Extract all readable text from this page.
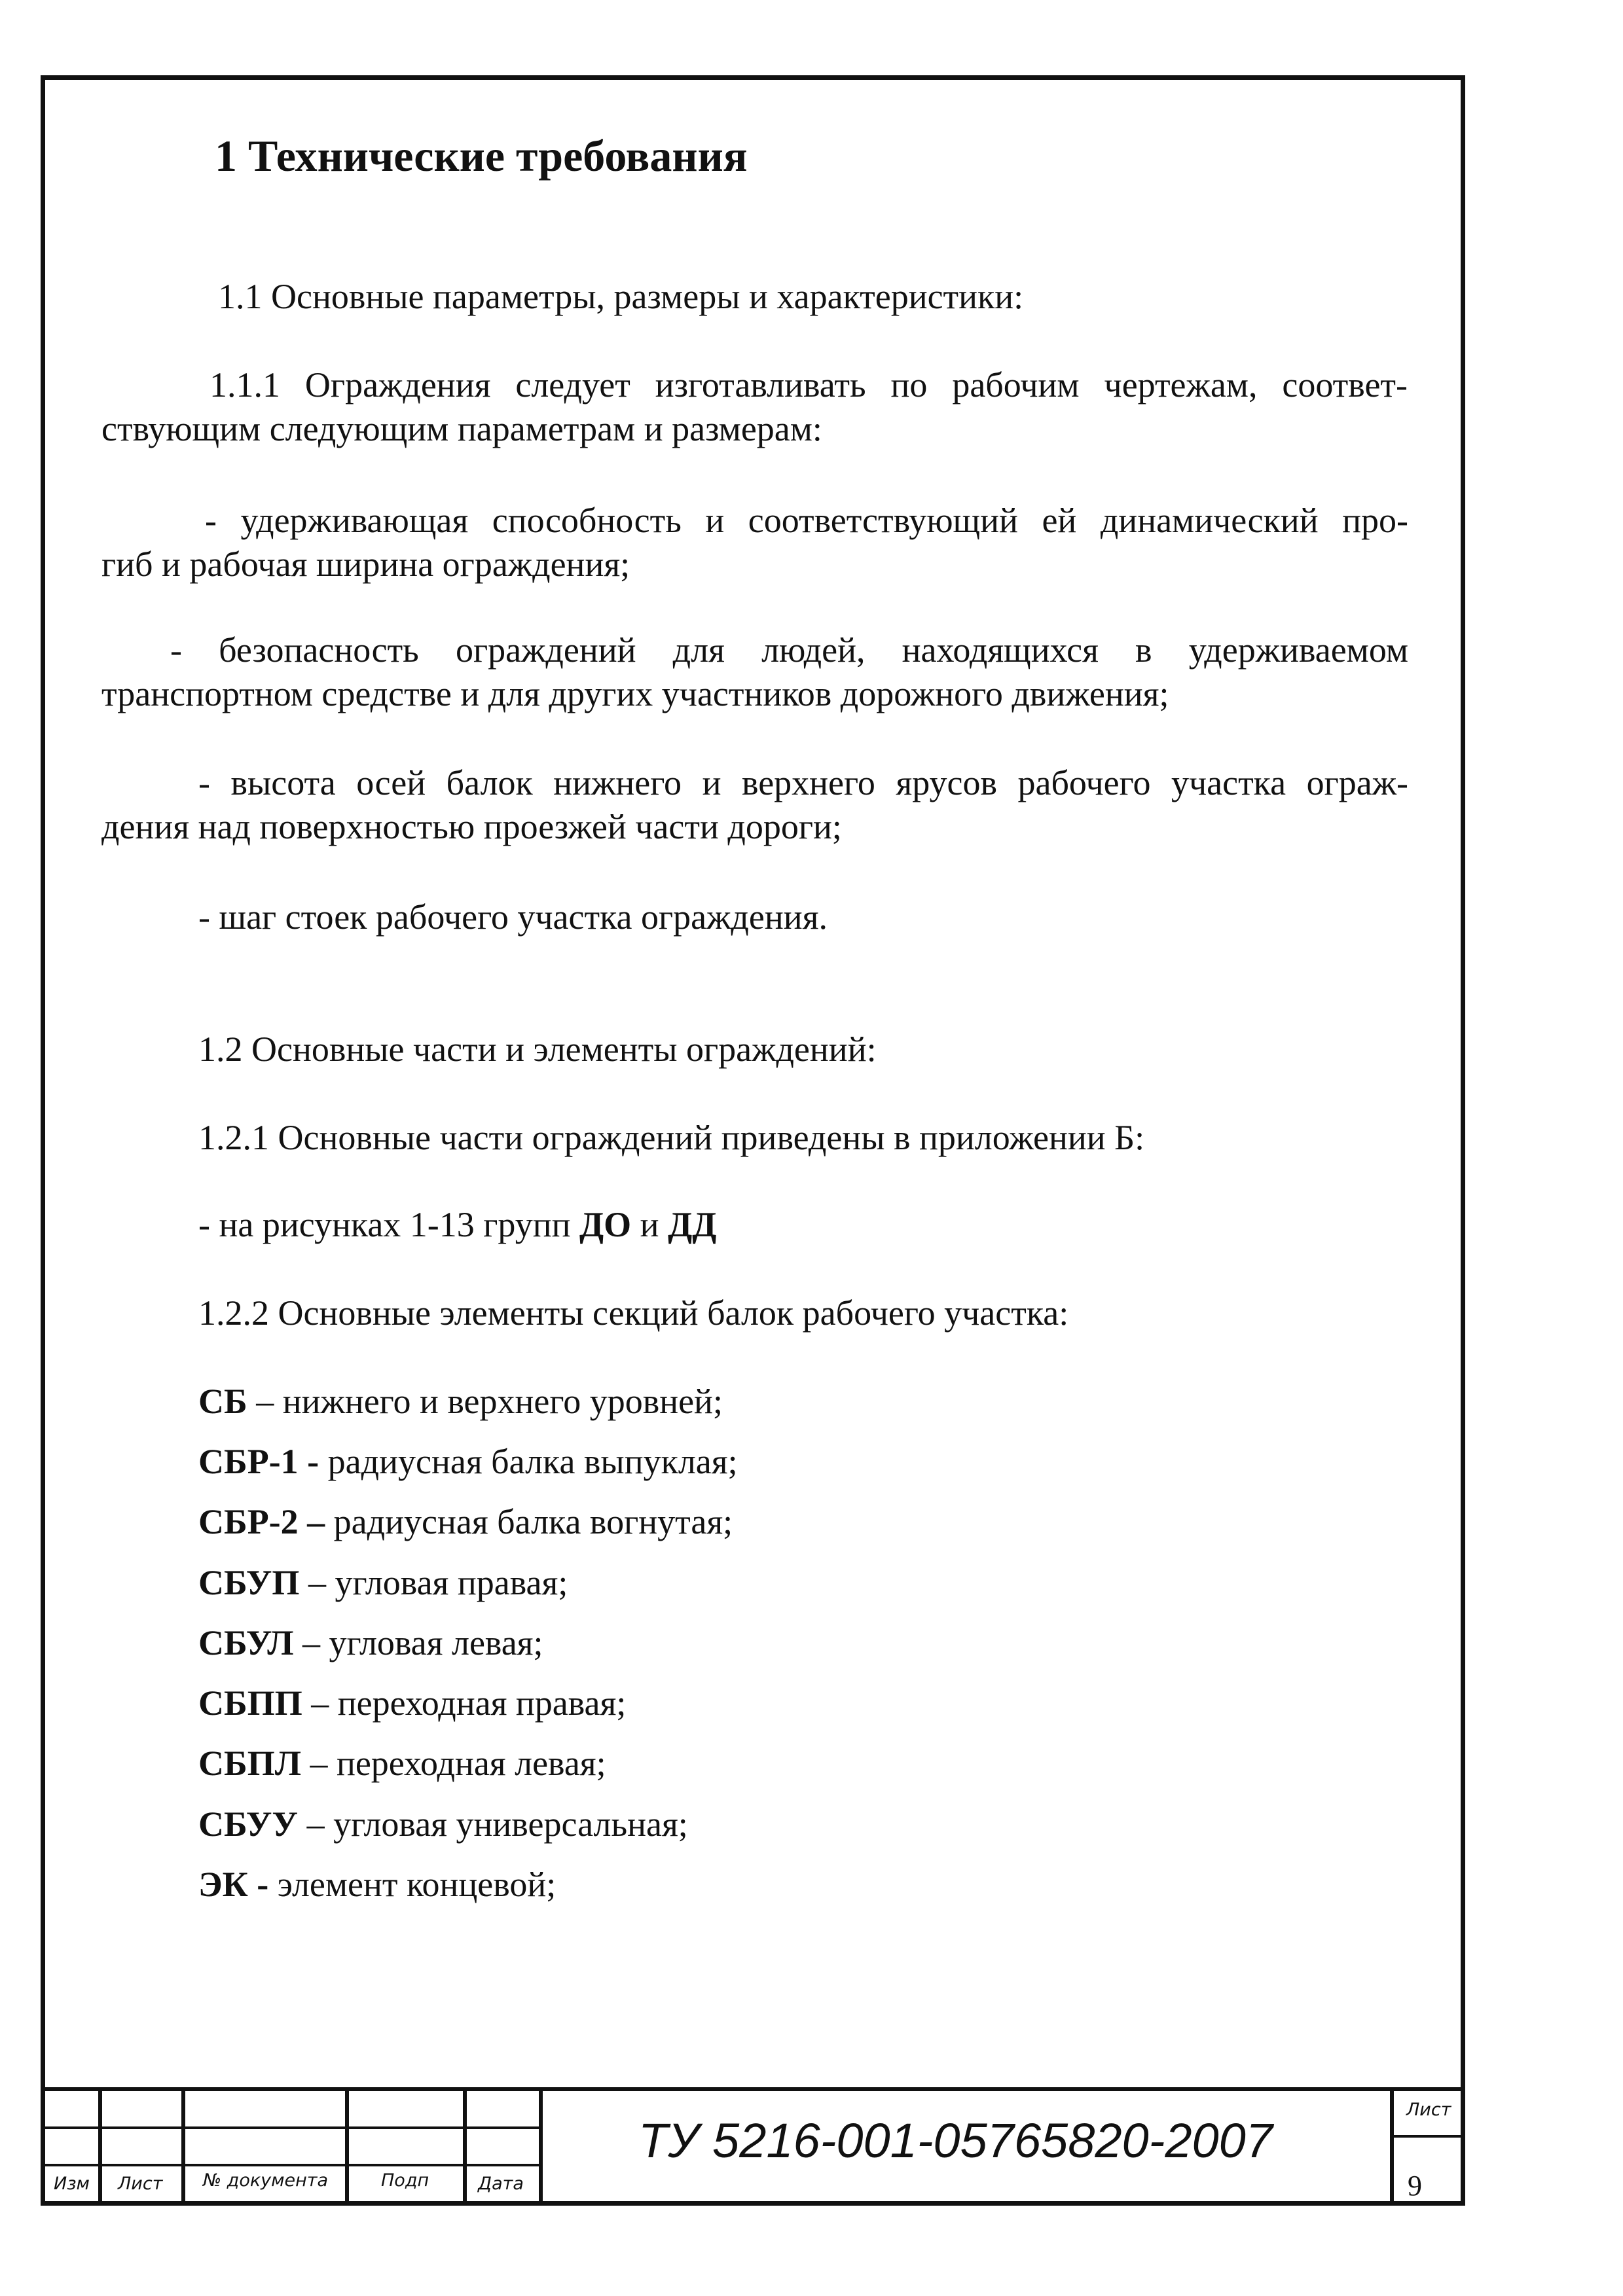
1 Технические требования
1.1 Основные параметры, размеры и характеристики:
1.1.1 Ограждения следует изготавливать по рабочим чертежам, соответ-
ствующим следующим параметрам и размерам:
- удерживающая способность и соответствующий ей динамический про-
гиб и рабочая ширина ограждения;
- безопасность ограждений для людей, находящихся в удерживаемом
транспортном средстве и для других участников дорожного движения;
- высота осей балок нижнего и верхнего ярусов рабочего участка ограж-
дения над поверхностью проезжей части дороги;
- шаг стоек рабочего участка ограждения.
1.2 Основные части и элементы ограждений:
1.2.1 Основные части ограждений приведены в приложении Б:
- на рисунках 1-13 групп ДО и ДД
1.2.2 Основные элементы секций балок рабочего участка:
СБ – нижнего и верхнего уровней;
СБР-1 - радиусная балка выпуклая;
СБР-2 – радиусная балка вогнутая;
СБУП – угловая правая;
СБУЛ – угловая левая;
СБПП – переходная правая;
СБПЛ – переходная левая;
СБУУ – угловая универсальная;
ЭК - элемент концевой;
Изм Лист № документа	Подп	Дата
ТУ 5216-001-05765820-2007
Лист
9
